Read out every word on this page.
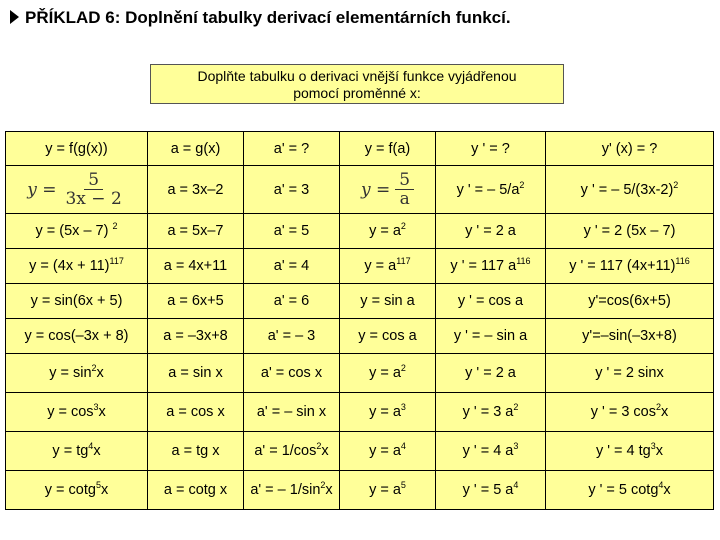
PŘÍKLAD 6: Doplnění tabulky derivací elementárních funkcí.
Doplňte tabulku o derivaci vnější funkce vyjádřenou
pomocí proměnné x:
y = f(g(x))	a = g(x)	a' = ?	y = f(a)	y ' = ?	y' (x) = ?

$y = \frac{5}{3x - 2}$	a = 3x–2	a' = 3	$y = \frac{5}{a}$	y ' = – $5/a^2$	y ' = – $5/(3x-2)^2$
y = (5x – 7) $^2$	a = 5x–7	a' = 5	$y = a^2$	y ' = 2 a	y ' = 2 (5x – 7)
$y = (4x + 11)^{117}$	a = 4x+11	a' = 4	$y = a^{117}$	y ' = 117 $a^{116}$	y ' = 117 $(4x+11)^{116}$
y = sin(6x + 5)	a = 6x+5	a' = 6	y = sin a	y ' = cos a	y'=cos(6x+5)
y = cos(–3x + 8)	a = –3x+8	a' = – 3	y = cos a	y ' = – sin a	y'=–sin(–3x+8)
$y = \sin^2x$	a = sin x	a' = cos x	$y = a^2$	y ' = 2 a	y ' = 2 sinx
$y = \cos^3x$	a = cos x	a' = – sin x	$y = a^3$	y ' = 3 $a^2$	y ' = 3 $\cos^2x$
$y = tg^4x$	a = tg x	$a' = 1/\cos^2x$	$y = a^4$	y ' = 4 $a^3$	y ' = 4 $tg^3x$
y = cotg$^5$x	a = cotg x	a' = – $1/\sin^2x$	$y = a^5$	y ' = 5 $a^4$	y ' = 5 cotg$^4$x
